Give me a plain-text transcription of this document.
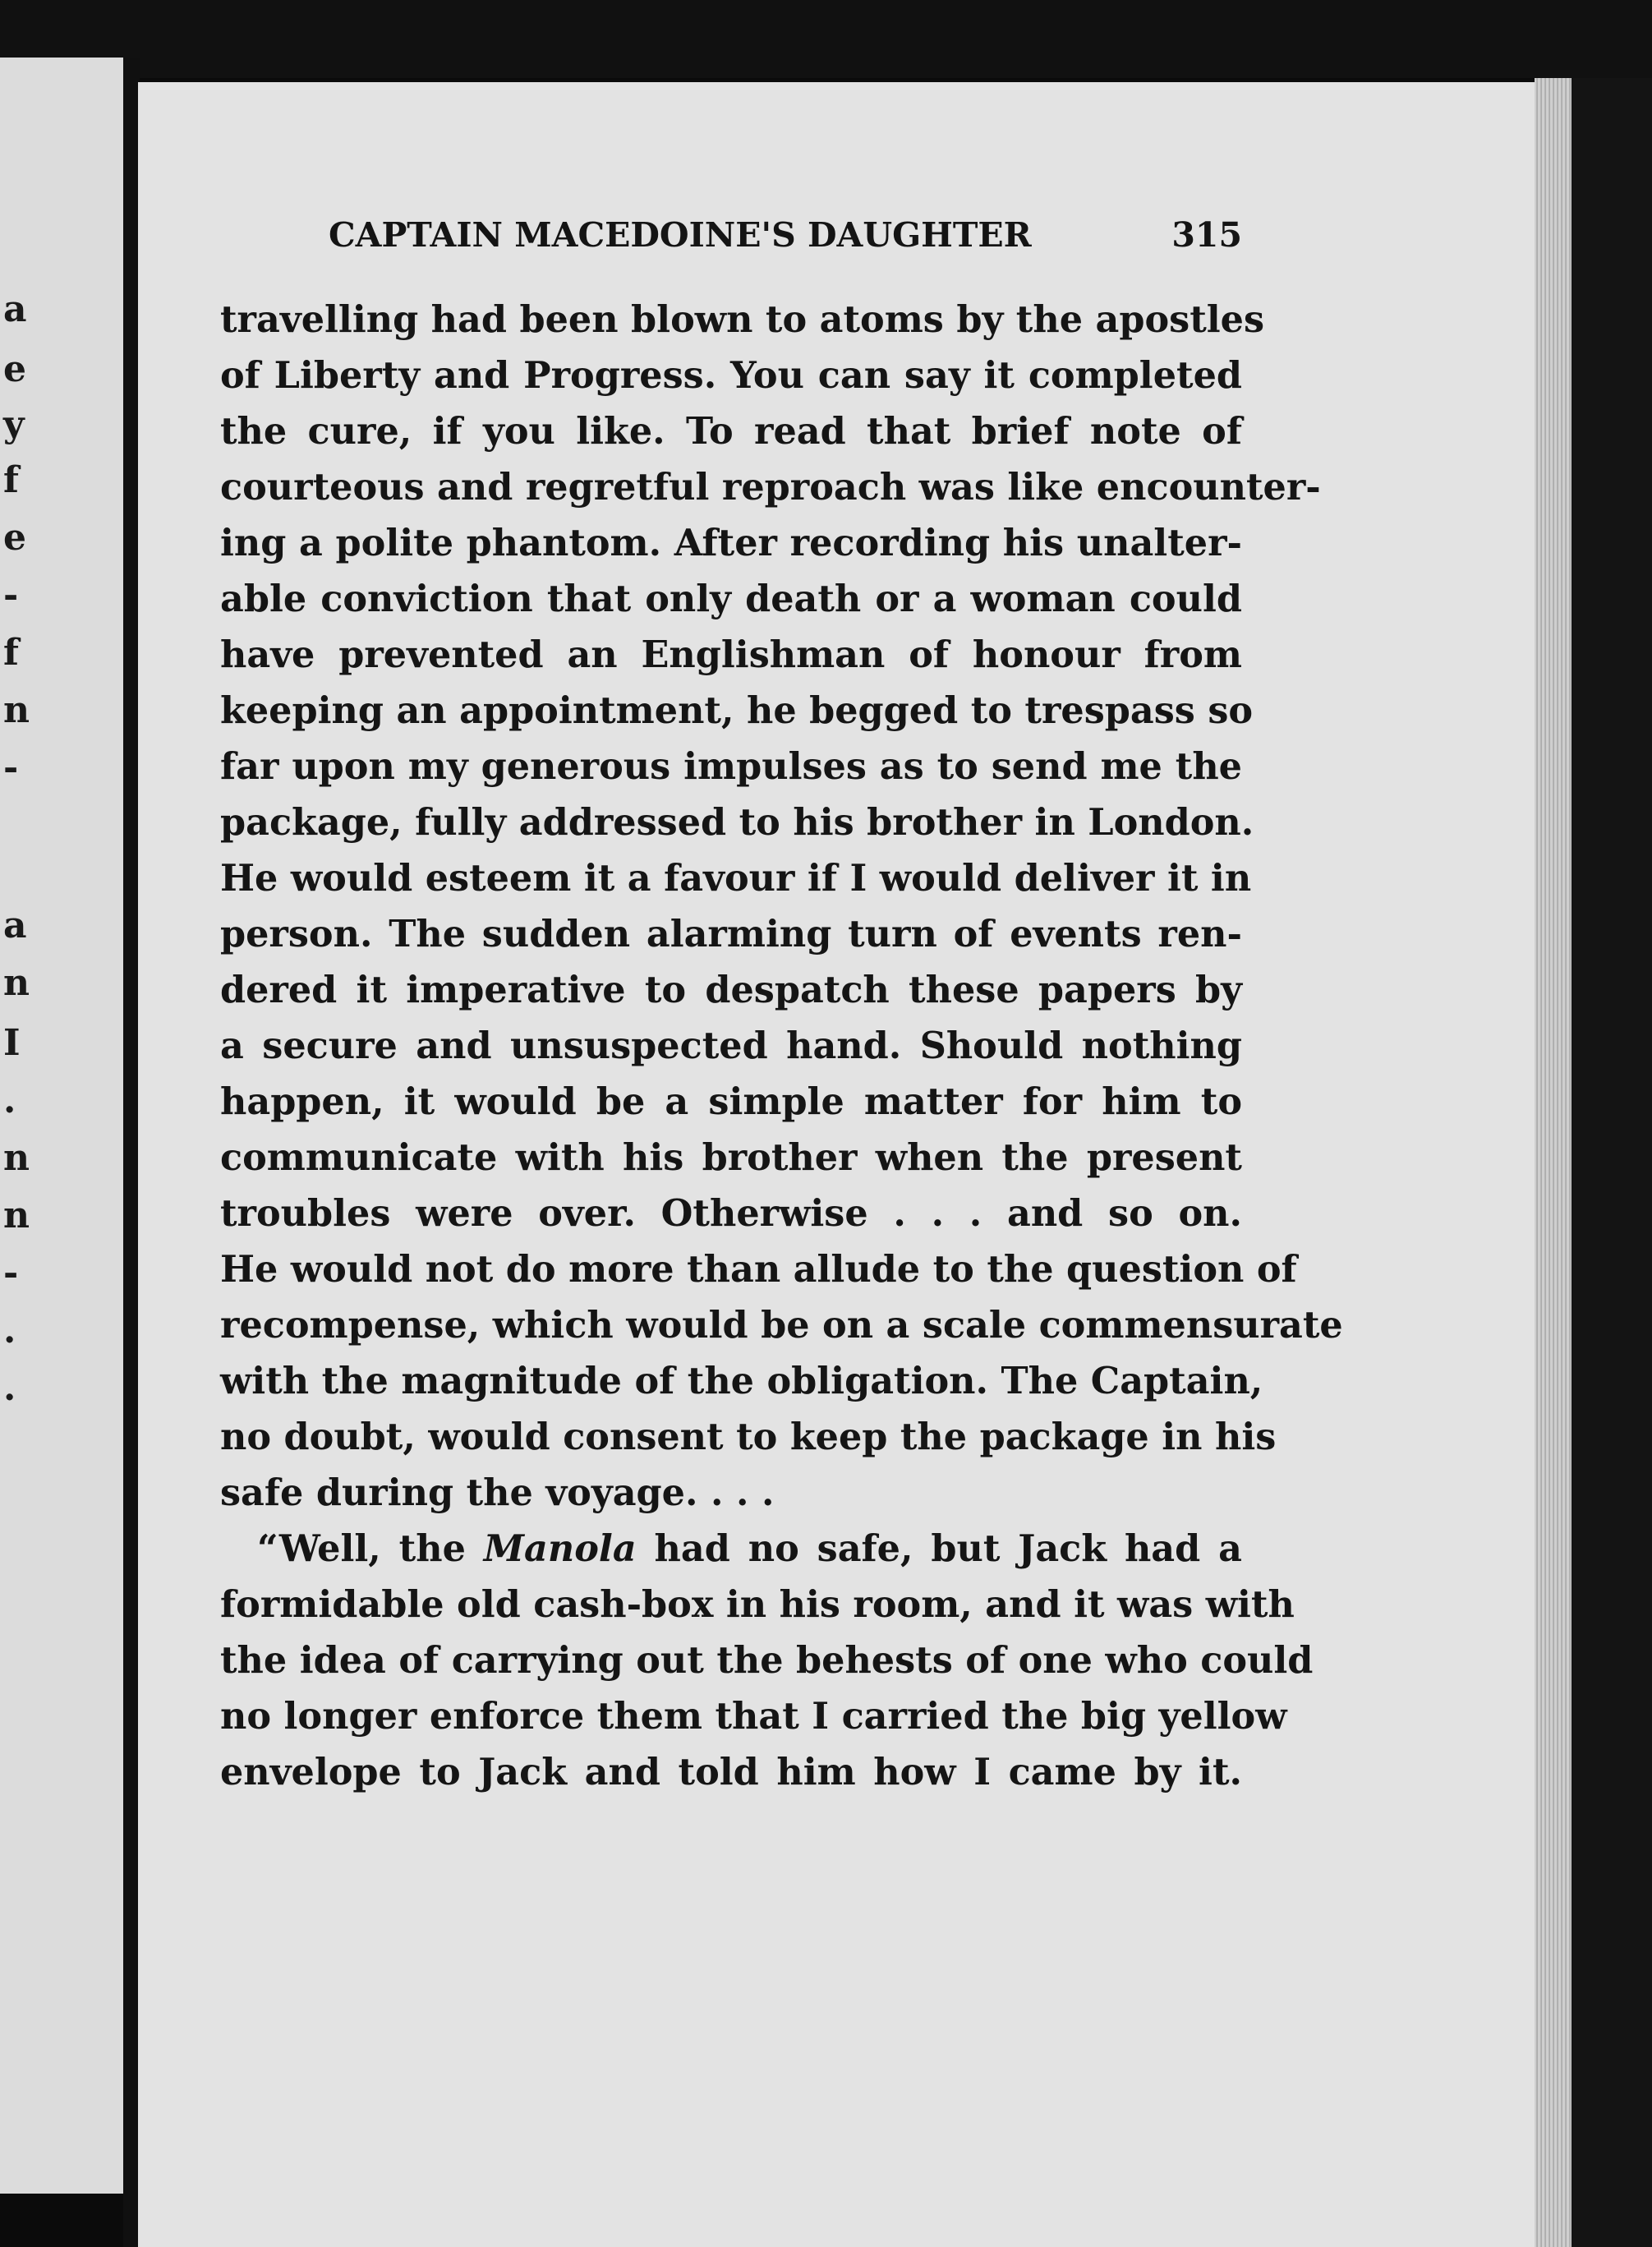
a
e
y
f
e
-
f
n
-
a
n
I
.
n
n
-
.
.
CAPTAIN MACEDOINE'S DAUGHTER	315
travelling had been blown to atoms by the apostles
of Liberty and Progress. You can say it completed
the cure, if you like. To read that brief note of
courteous and regretful reproach was like encounter-
ing a polite phantom. After recording his unalter-
able conviction that only death or a woman could
have prevented an Englishman of honour from
keeping an appointment, he begged to trespass so
far upon my generous impulses as to send me the
package, fully addressed to his brother in London.
He would esteem it a favour if I would deliver it in
person. The sudden alarming turn of events ren-
dered it imperative to despatch these papers by
a secure and unsuspected hand. Should nothing
happen, it would be a simple matter for him to
communicate with his brother when the present
troubles were over. Otherwise . . . and so on.
He would not do more than allude to the question of
recompense, which would be on a scale commensurate
with the magnitude of the obligation. The Captain,
no doubt, would consent to keep the package in his
safe during the voyage. . . .
“Well, the Manola had no safe, but Jack had a
formidable old cash-box in his room, and it was with
the idea of carrying out the behests of one who could
no longer enforce them that I carried the big yellow
envelope to Jack and told him how I came by it.
